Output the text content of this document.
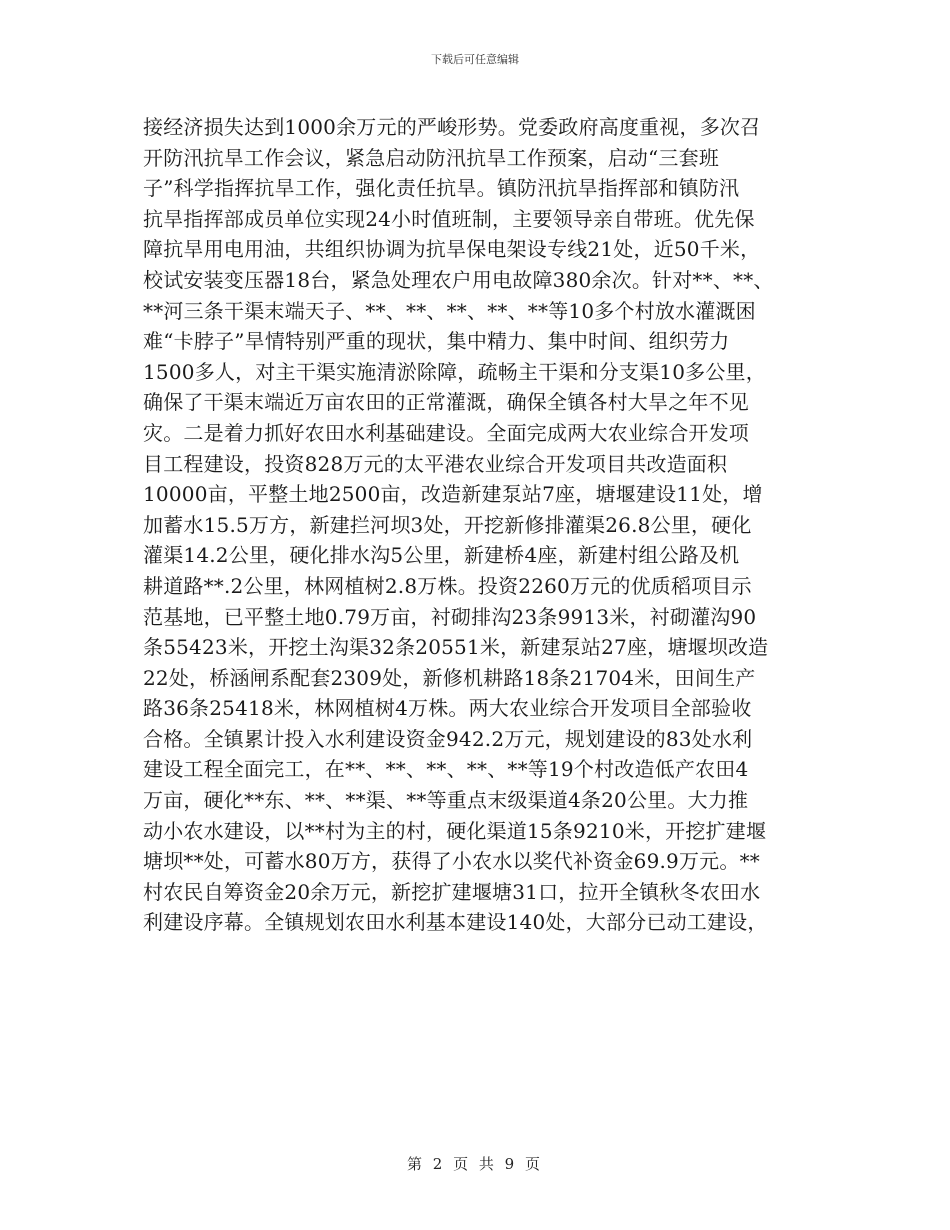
下载后可任意编辑
接经济损失达到1000余万元的严峻形势。党委政府高度重视，多次召
开防汛抗旱工作会议，紧急启动防汛抗旱工作预案，启动“三套班
子”科学指挥抗旱工作，强化责任抗旱。镇防汛抗旱指挥部和镇防汛
抗旱指挥部成员单位实现24小时值班制，主要领导亲自带班。优先保
障抗旱用电用油，共组织协调为抗旱保电架设专线21处，近50千米，
校试安装变压器18台，紧急处理农户用电故障380余次。针对**、**、
**河三条干渠末端天子、**、**、**、**、**等10多个村放水灌溉困
难“卡脖子”旱情特别严重的现状，集中精力、集中时间、组织劳力
1500多人，对主干渠实施清淤除障，疏畅主干渠和分支渠10多公里，
确保了干渠末端近万亩农田的正常灌溉，确保全镇各村大旱之年不见
灾。二是着力抓好农田水利基础建设。全面完成两大农业综合开发项
目工程建设，投资828万元的太平港农业综合开发项目共改造面积
10000亩，平整土地2500亩，改造新建泵站7座，塘堰建设11处，增
加蓄水15.5万方，新建拦河坝3处，开挖新修排灌渠26.8公里，硬化
灌渠14.2公里，硬化排水沟5公里，新建桥4座，新建村组公路及机
耕道路**.2公里，林网植树2.8万株。投资2260万元的优质稻项目示
范基地，已平整土地0.79万亩，衬砌排沟23条9913米，衬砌灌沟90
条55423米，开挖土沟渠32条20551米，新建泵站27座，塘堰坝改造
22处，桥涵闸系配套2309处，新修机耕路18条21704米，田间生产
路36条25418米，林网植树4万株。两大农业综合开发项目全部验收
合格。全镇累计投入水利建设资金942.2万元，规划建设的83处水利
建设工程全面完工，在**、**、**、**、**等19个村改造低产农田4
万亩，硬化**东、**、**渠、**等重点末级渠道4条20公里。大力推
动小农水建设，以**村为主的村，硬化渠道15条9210米，开挖扩建堰
塘坝**处，可蓄水80万方，获得了小农水以奖代补资金69.9万元。**
村农民自筹资金20余万元，新挖扩建堰塘31口，拉开全镇秋冬农田水
利建设序幕。全镇规划农田水利基本建设140处，大部分已动工建设，
第 2 页 共 9 页
